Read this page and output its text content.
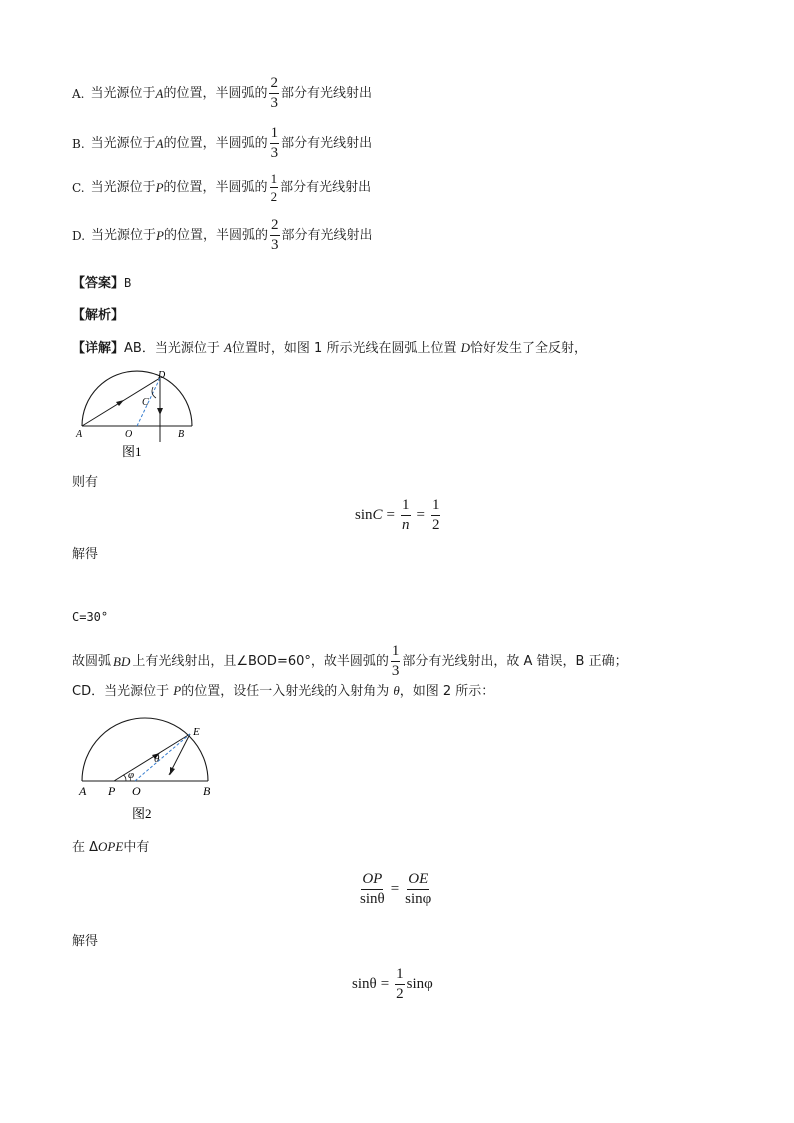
A. 当光源位于 A 的位置，半圆弧的 $\frac{2}{3}$ 部分有光线射出
B. 当光源位于 A 的位置，半圆弧的 $\frac{1}{3}$ 部分有光线射出
C. 当光源位于 P 的位置，半圆弧的 $\frac{1}{2}$ 部分有光线射出
D. 当光源位于 P 的位置，半圆弧的 $\frac{2}{3}$ 部分有光线射出
【答案】B
【解析】
【详解】AB．当光源位于 A位置时，如图 1 所示光线在圆弧上位置 D恰好发生了全反射，
D
C
A	O	B
图1
则有
$\sin C = \frac{1}{n} = \frac{1}{2}$
解得
C=30°
故圆弧 BD 上有光线射出，且∠BOD=60°，故半圆弧的 $\frac{1}{3}$ 部分有光线射出，故 A 错误，B 正确；
CD．当光源位于 P的位置，设任一入射光线的入射角为 θ，如图 2 所示：
E
θ
φ
A P O	B
图2
在 ΔOPE中有
$\frac{OP}{\sin\theta} = \frac{OE}{\sin\varphi}$
解得
$\sin\theta = \frac{1}{2}$ sinφ
